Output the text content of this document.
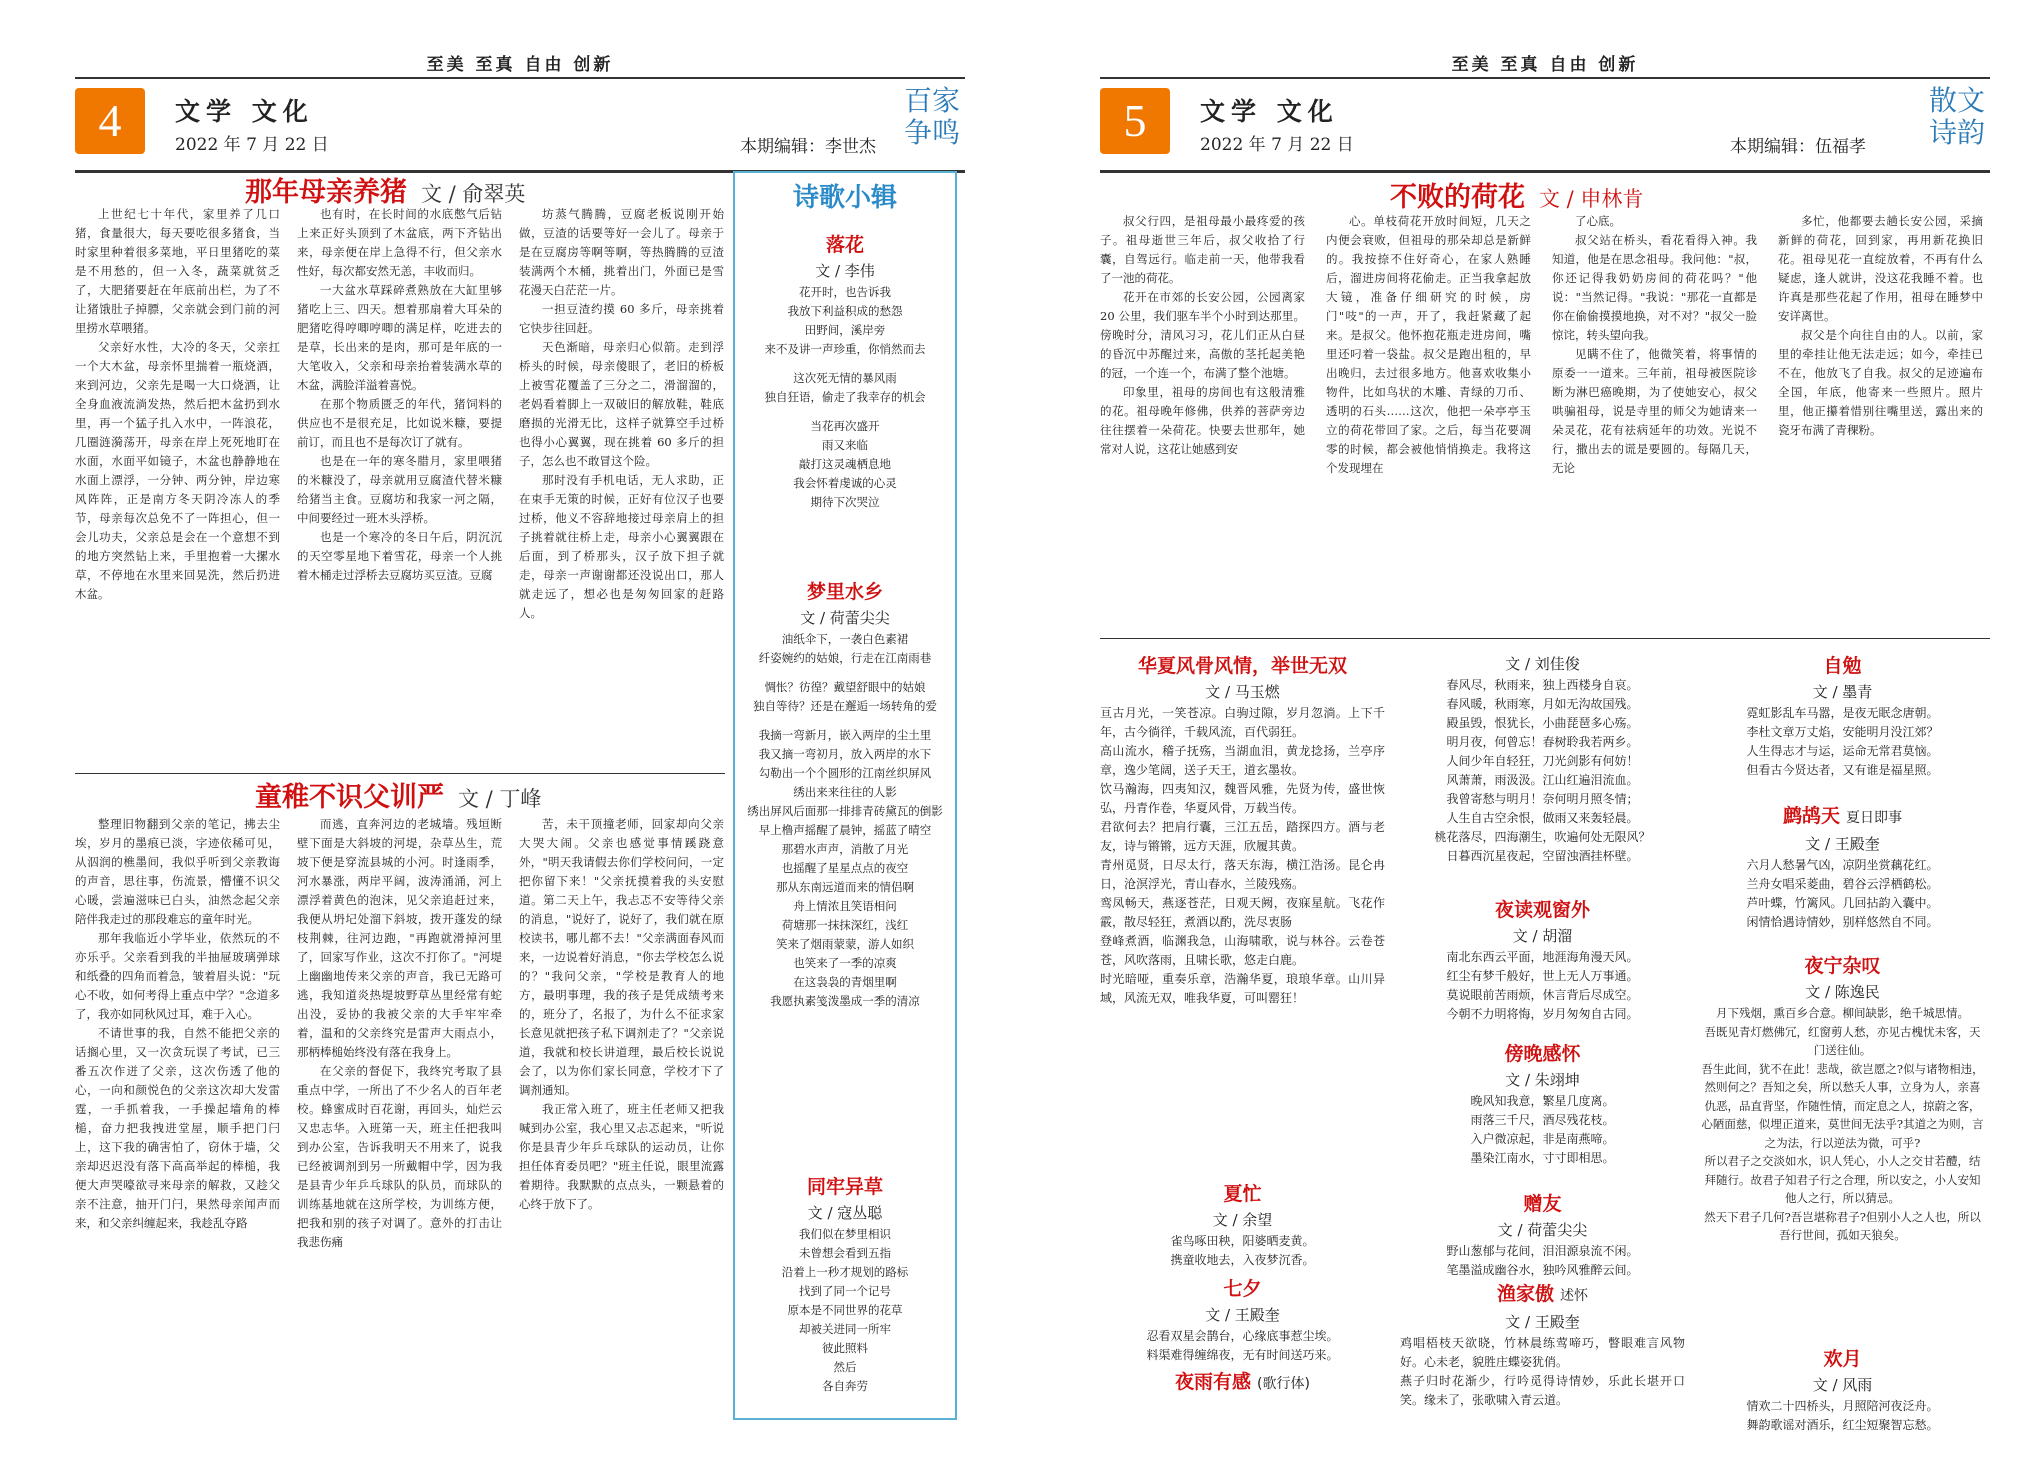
至美 至真 自由 创新
4	文学 文化
2022 年 7 月 22 日	本期编辑：李世杰
百家
争鸣
那年母亲养猪 文 / 俞翠英

上世纪七十年代，家里养了几口猪，食量很大，每天要吃很多猪食，当时家里种着很多菜地，平日里猪吃的菜是不用愁的，但一入冬，蔬菜就贫乏了，大肥猪要赶在年底前出栏，为了不让猪饿肚子掉膘，父亲就会到门前的河里捞水草喂猪。

父亲好水性，大冷的冬天，父亲扛一个大木盆，母亲怀里揣着一瓶烧酒，来到河边，父亲先是喝一大口烧酒，让全身血液流淌发热，然后把木盆扔到水里，再一个猛子扎入水中，一阵浪花，几圈涟漪荡开，母亲在岸上死死地盯在水面，水面平如镜子，木盆也静静地在水面上漂浮，一分钟、两分钟，岸边寒风阵阵，正是南方冬天阴冷冻人的季节，母亲每次总免不了一阵担心，但一会儿功夫，父亲总是会在一个意想不到的地方突然钻上来，手里抱着一大摞水草，不停地在水里来回晃洗，然后扔进木盆。

也有时，在长时间的水底憋气后钻上来正好头顶到了木盆底，两下齐钻出来，母亲便在岸上急得不行，但父亲水性好，每次都安然无恙，丰收而归。

一大盆水草踩碎煮熟放在大缸里够猪吃上三、四天。想着那扇着大耳朵的肥猪吃得哼唧哼唧的满足样，吃进去的是草，长出来的是肉，那可是年底的一大笔收入，父亲和母亲抬着装满水草的木盆，满脸洋溢着喜悦。

在那个物质匮乏的年代，猪饲料的供应也不是很充足，比如说米糠，要提前订，而且也不是每次订了就有。

也是在一年的寒冬腊月，家里喂猪的米糠没了，母亲就用豆腐渣代替米糠给猪当主食。豆腐坊和我家一河之隔，中间要经过一班木头浮桥。

也是一个寒冷的冬日午后，阴沉沉的天空零星地下着雪花，母亲一个人挑着木桶走过浮桥去豆腐坊买豆渣。豆腐

坊蒸气腾腾，豆腐老板说刚开始做，豆渣的话要等好一会儿了。母亲于是在豆腐房等啊等啊，等热腾腾的豆渣装满两个木桶，挑着出门，外面已是雪花漫天白茫茫一片。

一担豆渣约摸 60 多斤，母亲挑着它快步往回赶。

天色渐暗，母亲归心似箭。走到浮桥头的时候，母亲傻眼了，老旧的桥板上被雪花覆盖了三分之二，滑溜溜的，老妈看着脚上一双破旧的解放鞋，鞋底磨损的光滑无比，这样子就算空手过桥也得小心翼翼，现在挑着 60 多斤的担子，怎么也不敢冒这个险。

那时没有手机电话，无人求助，正在束手无策的时候，正好有位汉子也要过桥，他义不容辞地接过母亲肩上的担子挑着就往桥上走，母亲小心翼翼跟在后面，到了桥那头，汉子放下担子就走，母亲一声谢谢都还没说出口，那人就走远了，想必也是匆匆回家的赶路人。

童稚不识父训严 文 / 丁峰

整理旧物翻到父亲的笔记，拂去尘埃，岁月的墨痕已淡，字迹依稀可见，从泅润的樵墨间，我似乎听到父亲教诲的声音，思往事，伤流景，懵懂不识父心暖，尝遍滋味已白头，油然念起父亲陪伴我走过的那段难忘的童年时光。

那年我临近小学毕业，依然玩的不亦乐乎。父亲看到我的半抽屉玻璃弹球和纸叠的四角而着急，皱着眉头说："玩心不收，如何考得上重点中学？"念道多了，我亦如同秋风过耳，难于入心。

不请世事的我，自然不能把父亲的话搁心里，又一次贪玩误了考试，已三番五次作迸了父亲，这次伤透了他的心，一向和颜悦色的父亲这次却大发雷霆，一手抓着我，一手操起墙角的棒槌，奋力把我拽进堂屋，顺手把门闩上，这下我的确害怕了，窃休于墙，父亲却迟迟没有落下高高举起的棒槌，我便大声哭嚎欲寻来母亲的解救，又趁父亲不注意，抽开门闩，果然母亲闻声而来，和父亲纠缠起来，我趁乱夺路

而逃，直奔河边的老城墙。残垣断壁下面是大斜坡的河堤，杂草丛生，荒坡下便是穿流县城的小河。时逢雨季，河水暴涨，两岸平阔，波涛涌涌，河上漂浮着黄色的泡沫，见父亲追赶过来，我便从坍圮处溜下斜坡，拨开蓬发的绿枝荆棘，往河边跑，"再跑就滑掉河里了，回家写作业，这次不打你了。"河堤上幽幽地传来父亲的声音，我已无路可逃，我知道炎热堤坡野草丛里经常有蛇出没，妥协的我被父亲的大手牢牢牵着，温和的父亲终究是雷声大雨点小，那柄棒槌始终没有落在我身上。

在父亲的督促下，我终究考取了县重点中学，一所出了不少名人的百年老校。蜂蜜成时百花谢，再回头，灿烂云又忠志华。入班第一天，班主任把我叫到办公室，告诉我明天不用来了，说我已经被调剂到另一所戴帽中学，因为我是县青少年乒乓球队的队员，而球队的训练基地就在这所学校，为训练方便，把我和别的孩子对调了。意外的打击让我悲伤痛

苦，未干顶撞老师，回家却向父亲大哭大闹。父亲也感觉事情蹊跷意外，"明天我请假去你们学校问问，一定把你留下来！"父亲抚摸着我的头安慰道。第二天上午，我忐忑不安等待父亲的消息，"说好了，说好了，我们就在原校读书，哪儿都不去！"父亲满面春风而来，一边说着好消息，"你去学校怎么说的？"我问父亲，"学校是教育人的地方，最明事理，我的孩子是凭成绩考来的，班分了，名报了，为什么不征求家长意见就把孩子私下调剂走了？"父亲说道，我就和校长讲道理，最后校长说说会了，以为你们家长同意，学校才下了调剂通知。

我正常入班了，班主任老师又把我喊到办公室，我心里又忐忑起来，"听说你是县青少年乒乓球队的运动员，让你担任体育委员吧？"班主任说，眼里流露着期待。我默默的点点头，一颗悬着的心终于放下了。

诗歌小辑
落花
文 / 李伟
花开时，也告诉我
我放下利益积成的愁怨
田野间，溪岸旁
来不及讲一声珍重，你悄然而去
这次死无情的暴风雨
独自狂语，偷走了我幸存的机会
当花再次盛开
雨又来临
敲打这灵魂栖息地
我会怀着虔诚的心灵
期待下次哭泣
梦里水乡
文 / 荷蕾尖尖
油纸伞下，一袭白色素裙
纤姿婉约的姑娘，行走在江南雨巷
惆怅？彷徨？戴望舒眼中的姑娘
独自等待？还是在邂逅一场转角的爱
我摘一弯新月，嵌入两岸的尘土里
我又摘一弯初月，放入两岸的水下
勾勒出一个个圆形的江南丝织屏风
绣出来来往往的人影
绣出屏风后面那一排排青砖黛瓦的倒影
早上橹声摇醒了晨钟，摇蓝了晴空
那碧水声声，消散了月光
也摇醒了星星点点的夜空
那从东南远道而来的情侣啊
舟上情浓且笑语相问
荷塘那一抹抹深红，浅红
笑来了烟雨蒙蒙，游人如织
也笑来了一季的凉爽
在这袅袅的青烟里啊
我愿执素笺泼墨成一季的清凉
同牢异草
文 / 寇丛聪
我们似在梦里相识
未曾想会看到五指
沿着上一秒才规划的路标
找到了同一个记号
原本是不同世界的花草
却被关进同一所牢
彼此照料
然后
各自奔劳
至美 至真 自由 创新
5	文学 文化
2022 年 7 月 22 日	本期编辑：伍福孝
散文
诗韵
不败的荷花 文 / 申林肯

叔父行四，是祖母最小最疼爱的孩子。祖母逝世三年后，叔父收拾了行囊，自驾远行。临走前一天，他带我看了一池的荷花。

花开在市郊的长安公园，公园离家 20 公里，我们驱车半个小时到达那里。傍晚时分，清风习习，花儿们正从白昼的昏沉中苏醒过来，高傲的茎托起美艳的冠，一个连一个，布满了整个池塘。

印象里，祖母的房间也有这般清雅的花。祖母晚年修佛，供养的菩萨旁边往往摆着一朵荷花。快要去世那年，她常对人说，这花让她感到安

心。单枝荷花开放时间短，几天之内便会衰败，但祖母的那朵却总是新鲜的。我按捺不住好奇心，在家人熟睡后，溜进房间将花偷走。正当我拿起放大镜，准备仔细研究的时候，房门"吱"的一声，开了，我赶紧藏了起来。是叔父。他怀抱花瓶走进房间，嘴里还叼着一袋盐。叔父是跑出租的，早出晚归，去过很多地方。他喜欢收集小物件，比如鸟状的木雕、青绿的刀币、透明的石头……这次，他把一朵亭亭玉立的荷花带回了家。之后，每当花要凋零的时候，都会被他悄悄换走。我将这个发现埋在

了心底。

叔父站在桥头，看花看得入神。我知道，他是在思念祖母。我问他："叔，你还记得我奶奶房间的荷花吗？"他说："当然记得。"我说："那花一直都是你在偷偷摸摸地换，对不对？"叔父一脸惊诧，转头望向我。

见瞒不住了，他微笑着，将事情的原委一一道来。三年前，祖母被医院诊断为淋巴癌晚期，为了使她安心，叔父哄骗祖母，说是寺里的师父为她请来一朵灵花，花有祛病延年的功效。光说不行，撒出去的谎是要圆的。每隔几天，无论

多忙，他都要去趟长安公园，采摘新鲜的荷花，回到家，再用新花换旧花。祖母见花一直绽放着，不再有什么疑虑，逢人就讲，没这花我睡不着。也许真是那些花起了作用，祖母在睡梦中安详离世。

叔父是个向往自由的人。以前，家里的牵挂让他无法走远；如今，牵挂已不在，他放飞了自我。叔父的足迹遍布全国，年底，他寄来一些照片。照片里，他正攥着惜别往嘴里送，露出来的瓷牙布满了青稞粉。

华夏风骨风情，举世无双
文 / 马玉燃
亘古月光，一笑苍凉。白驹过隙，岁月忽淌。上下千年，古今徜徉，千载风流，百代弱狂。
高山流水，稽子抚殇，当湖血泪，黄龙捻扬，兰亭序章，逸少笔阔，送子天王，道玄墨妆。
饮马瀚海，四夷知汉，魏晋风雅，先贤为传，盛世恢弘，丹青作卷，华夏风骨，万载当传。
君欲何去？把肩行囊，三江五岳，踏探四方。酒与老友，诗与锵锵，远方天涯，欣履其黄。
青州觅贤，日尽太行，落天东海，横江浩汤。昆仑冉日，沧溟浮光，青山春水，兰陵残殇。
鸾凤畅天，燕逐苍茫，日观天阙，夜寐星航。飞花作霰，散尽轻狂，煮酒以酌，洗尽衷肠
登峰煮酒，临渊我急，山海啸歌，说与林谷。云卷苍苍，风吹落雨，且啸长歌，悠走白鹿。
时光暗哑，重奏乐章，浩瀚华夏，琅琅华章。山川异域，风流无双，唯我华夏，可叫罂狂！
夏忙
文 / 余望
雀鸟啄田秧，阳婆晒麦黄。
携童收地去，入夜梦沉香。
七夕
文 / 王殿奎
忍看双星会鹊台，心缘底事惹尘埃。
料渠难得缠绵夜，无有时间送巧来。
夜雨有感 (歌行体)
文 / 刘佳俊
春风尽，秋雨来，独上西楼身自哀。
春风暖，秋雨寒，月如无沟故国残。
殿虽毁，恨犹长，小曲琵琶多心殇。
明月夜，何曾忘！春树聆我若两乡。
人间少年自轻狂，刀光剑影有何妨！
风萧萧，雨汲汲。江山红遍泪流血。
我曾寄愁与明月！奈何明月照冬情；
人生自古空余恨，做雨又来轰轻晨。
桃花落尽，四海潮生，吹遍何处无限风？
日暮西沉星夜起，空留浊酒挂杯壁。
夜读观窗外
文 / 胡溜
南北东西云平面，地涯海角漫天风。
红尘有梦千般好，世上无人万事通。
莫说眼前苦雨烦，休言背后尽成空。
今朝不力明将悔，岁月匆匆自古同。
傍晚感怀
文 / 朱翊坤
晚风知我意，繁星几度离。
雨落三千尺，酒尽残花枝。
入户微凉起，非是南燕啼。
墨染江南水，寸寸即相思。
赠友
文 / 荷蕾尖尖
野山葱郁与花间，泪泪源泉流不闲。
笔墨溢成幽谷水，独吟风雅醉云间。
渔家傲 述怀
文 / 王殿奎
鸡唱梧枝天欲晓，竹林晨练莺啼巧，瞥眼难言风物好。心未老，貌胜庄蝶姿犹俏。
燕子归时花渐少，行吟觅得诗情妙，乐此长堪开口笑。缘未了，张歌啸入青云道。
自勉
文 / 墨青
霓虹影乱车马嚣，是夜无眠念唐朝。
李杜文章万丈焰，安能明月没江郊？
人生得志才与运，运命无常君莫恼。
但看古今贤达者，又有谁是福星照。
鹧鸪天 夏日即事
文 / 王殿奎
六月人愁暑气凶，凉阴坐赏藕花红。
兰舟女唱采菱曲，碧谷云浮栖鹤松。
芦叶蝶，竹篱风。几回拈韵入囊中。
闲情恰遇诗情妙，别样悠然自不同。
夜宁杂叹
文 / 陈逸民
月下残烟，熏百乡合意。柳间缺影，绝千城思情。
吾既见青灯燃佛冗，红窗剪人愁，亦见古槐忧未客，天门送往仙。
吾生此间，犹不在此！悲哉，欲岂愿之?似与诸物相违，然则何之？吾知之矣，所以愁夭人事，立身为人，亲喜仇恶，品直背坚，作随性情，而定息之人，掠蔚之客，心陋面慈，似埋正道来，莫世间无法乎?其道之为则，言之为法，行以逆法为微，可乎?
所以君子之交淡如水，识人凭心，小人之交甘若醴，结拜随行。故君子知君子行之合理，所以安之，小人安知他人之行，所以猜忌。
然天下君子几何?吾岂堪称君子?但别小人之人也，所以吾行世间，孤如天狼矣。
欢月
文 / 风雨
情欢二十四桥头，月照陪河夜泛舟。
舞韵歌谣对酒乐，红尘短聚智忘愁。
